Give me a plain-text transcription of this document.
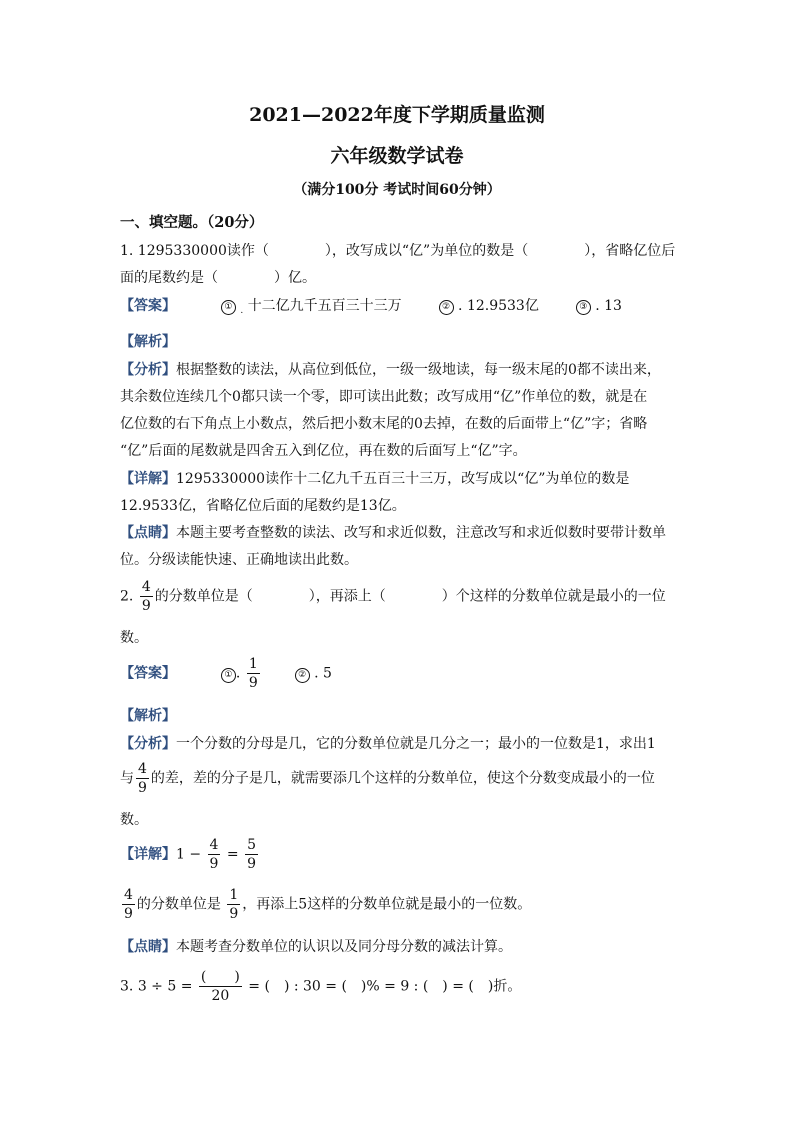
2021—2022年度下学期质量监测
六年级数学试卷
（满分100分 考试时间60分钟）
一、填空题。（20分）
1. 1295330000读作（　　　　），改写成以“亿”为单位的数是（　　　　），省略亿位后
面的尾数约是（　　　　）亿。
【答案】	① $_.$ 十二亿九千五百三十三万	② . 12.9533亿	③ . 13
【解析】
【分析】根据整数的读法，从高位到低位，一级一级地读，每一级末尾的0都不读出来，
其余数位连续几个0都只读一个零，即可读出此数；改写成用“亿”作单位的数，就是在
亿位数的右下角点上小数点，然后把小数末尾的0去掉，在数的后面带上“亿”字；省略
“亿”后面的尾数就是四舍五入到亿位，再在数的后面写上“亿”字。
【详解】1295330000读作十二亿九千五百三十三万，改写成以“亿”为单位的数是
12.9533亿，省略亿位后面的尾数约是13亿。
【点睛】本题主要考查整数的读法、改写和求近似数，注意改写和求近似数时要带计数单
位。分级读能快速、正确地读出此数。
2. $\frac{4}{9}$ 的分数单位是（　　　　），再添上（　　　　）个这样的分数单位就是最小的一位
数。
【答案】	① . $\frac{1}{9}$	② . 5
【解析】
【分析】一个分数的分母是几，它的分数单位就是几分之一；最小的一位数是1，求出1
与 $\frac{4}{9}$ 的差，差的分子是几，就需要添几个这样的分数单位，使这个分数变成最小的一位
数。
【详解】$1 - \frac{4}{9} = \frac{5}{9}$
$\frac{4}{9}$ 的分数单位是 $\frac{1}{9}$ ，再添上5这样的分数单位就是最小的一位数。
【点睛】本题考查分数单位的认识以及同分母分数的减法计算。
3. $3 \div 5 = \frac{( )}{20}$ = (　) : 30 = (　)% = 9 : (　) = (　)折。
